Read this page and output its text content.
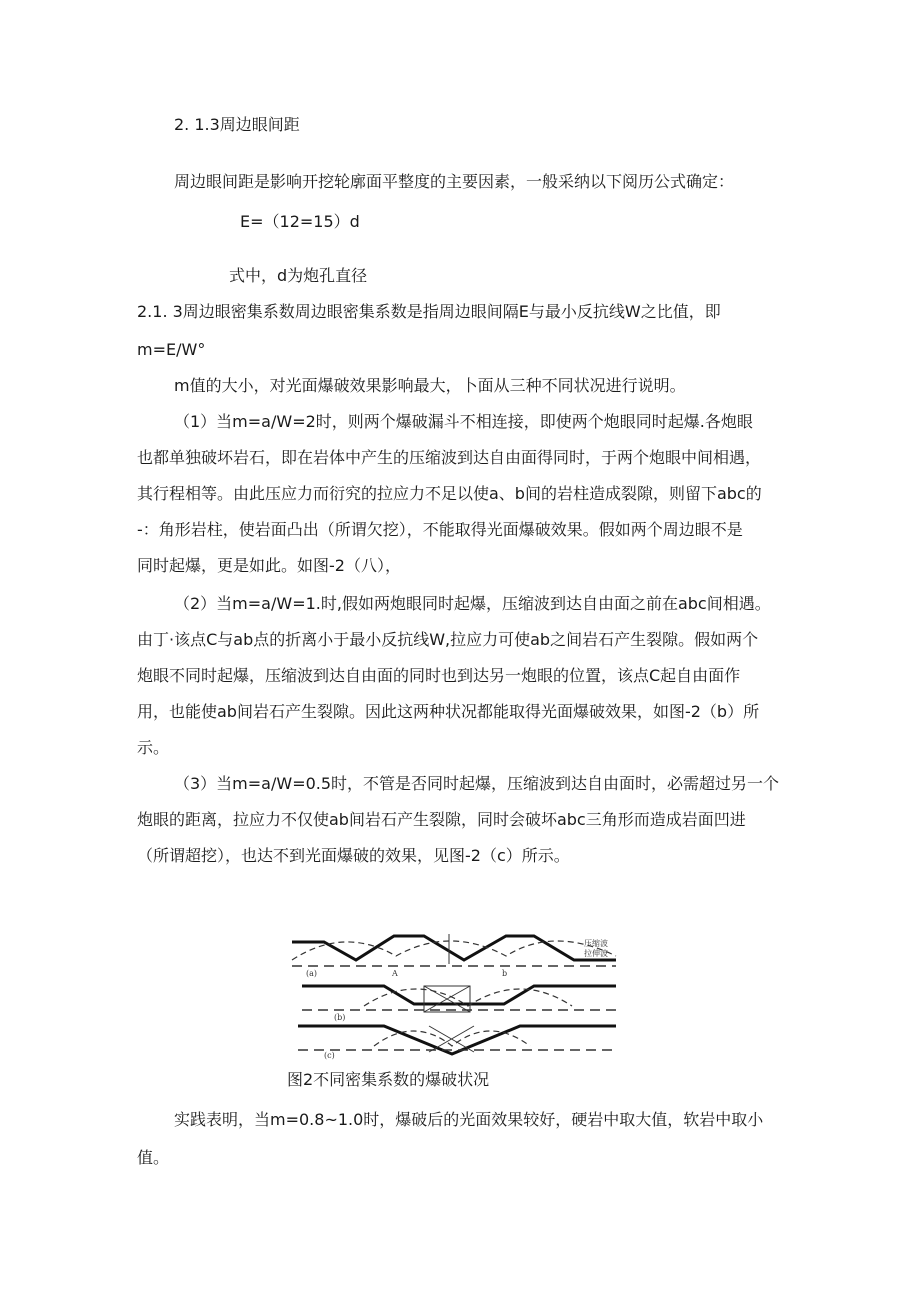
2. 1.3周边眼间距
周边眼间距是影响开挖轮廓面平整度的主要因素，一般采纳以下阅历公式确定：
E=（12=15）d
式中，d为炮孔直径
2.1. 3周边眼密集系数周边眼密集系数是指周边眼间隔E与最小反抗线W之比值，即
m=E/W°
m值的大小，对光面爆破效果影响最大，卜面从三种不同状况进行说明。
（1）当m=a/W=2时，则两个爆破漏斗不相连接，即使两个炮眼同时起爆.各炮眼
也都单独破坏岩石，即在岩体中产生的压缩波到达自由面得同时，于两个炮眼中间相遇，
其行程相等。由此压应力而衍究的拉应力不足以使a、b间的岩柱造成裂隙，则留下abc的
-：角形岩柱，使岩面凸出（所谓欠挖），不能取得光面爆破效果。假如两个周边眼不是
同时起爆，更是如此。如图-2（八），
（2）当m=a/W=1.时,假如两炮眼同时起爆，压缩波到达自由面之前在abc间相遇。
由丁·该点C与ab点的折离小于最小反抗线W,拉应力可使ab之间岩石产生裂隙。假如两个
炮眼不同时起爆，压缩波到达自由面的同时也到达另一炮眼的位置，该点C起自由面作
用，也能使ab间岩石产生裂隙。因此这两种状况都能取得光面爆破效果，如图-2（b）所
示。
（3）当m=a/W=0.5时，不管是否同时起爆，压缩波到达自由面时，必需超过另一个
炮眼的距离，拉应力不仅使ab间岩石产生裂隙，同时会破坏abc三角形而造成岩面凹进
（所谓超挖），也达不到光面爆破的效果，见图-2（c）所示。
(a)	A	b
压缩波
拉伸波
(b)
(c)
图2不同密集系数的爆破状况
实践表明，当m=0.8~1.0时，爆破后的光面效果较好，硬岩中取大值，软岩中取小
值。
